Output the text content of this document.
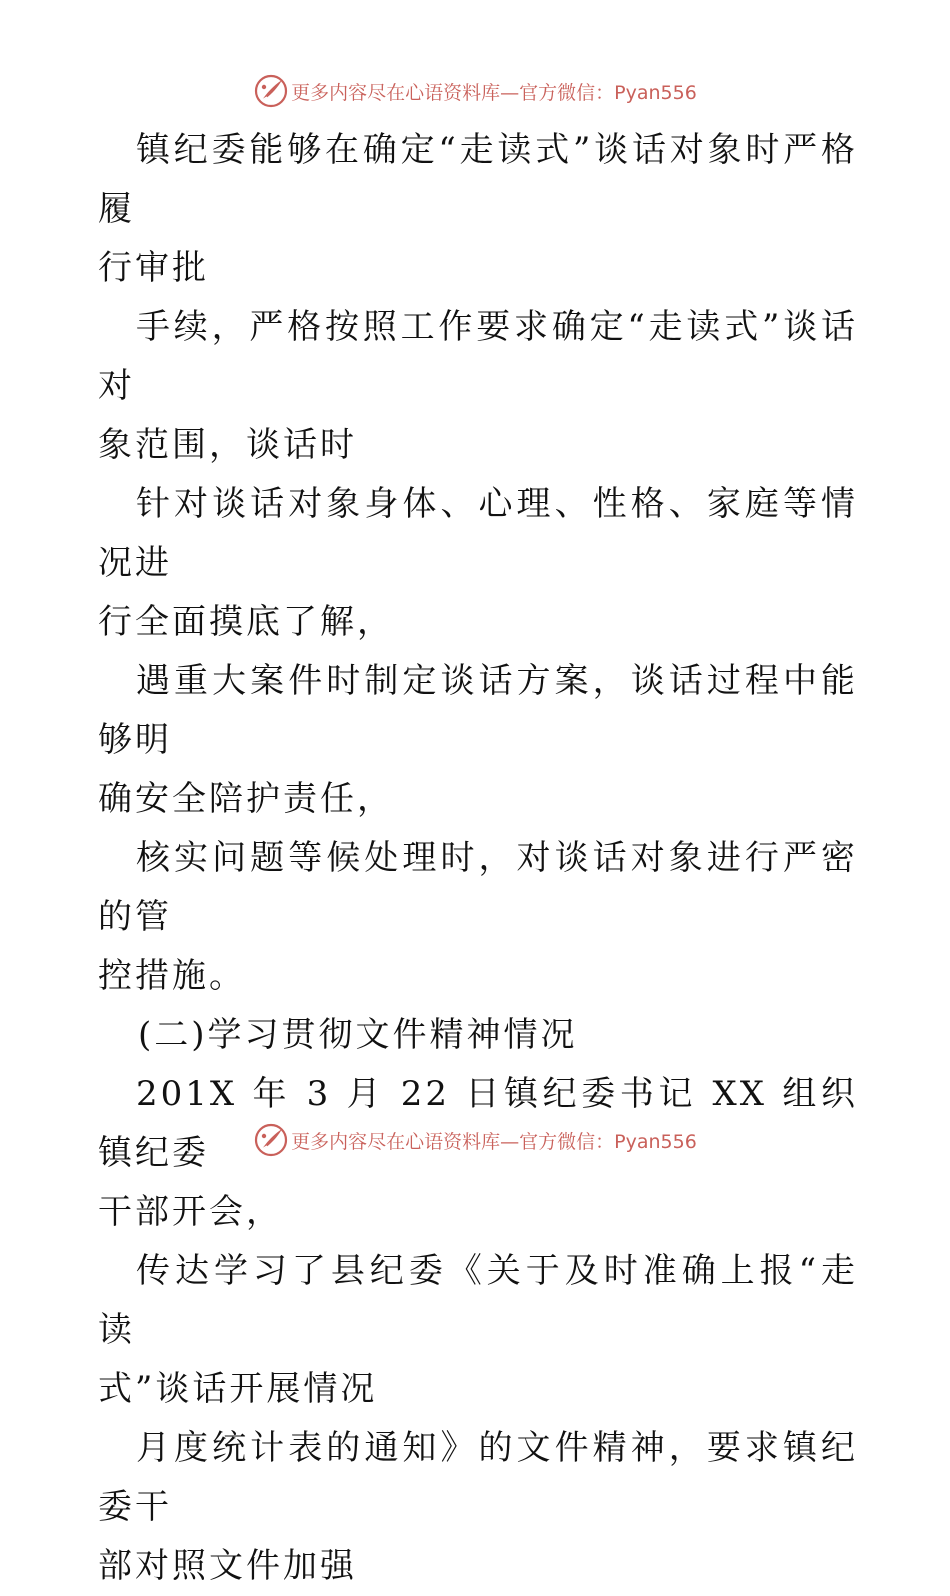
更多内容尽在心语资料库—官方微信：Pyan556

镇纪委能够在确定“走读式”谈话对象时严格履
行审批

手续，严格按照工作要求确定“走读式”谈话对
象范围，谈话时

针对谈话对象身体、心理、性格、家庭等情况进
行全面摸底了解，

遇重大案件时制定谈话方案，谈话过程中能够明
确安全陪护责任，

核实问题等候处理时，对谈话对象进行严密的管
控措施。

(二)学习贯彻文件精神情况

201X 年 3 月 22 日镇纪委书记 XX 组织镇纪委
干部开会，

传达学习了县纪委《关于及时准确上报“走读
式”谈话开展情况

月度统计表的通知》的文件精神，要求镇纪委干
部对照文件加强

更多内容尽在心语资料库—官方微信：Pyan556
